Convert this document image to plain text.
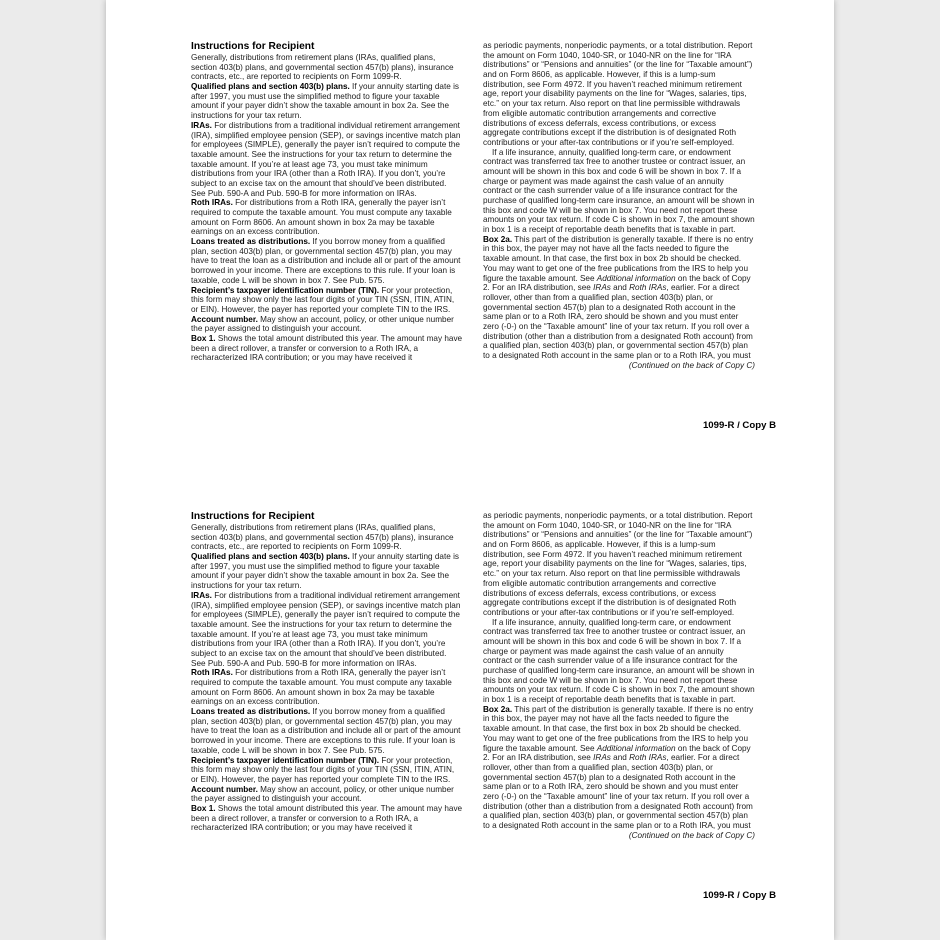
Instructions for Recipient

Generally, distributions from retirement plans (IRAs, qualified plans, section 403(b) plans, and governmental section 457(b) plans), insurance contracts, etc., are reported to recipients on Form 1099-R.

Qualified plans and section 403(b) plans. If your annuity starting date is after 1997, you must use the simplified method to figure your taxable amount if your payer didn’t show the taxable amount in box 2a. See the instructions for your tax return.

IRAs. For distributions from a traditional individual retirement arrangement (IRA), simplified employee pension (SEP), or savings incentive match plan for employees (SIMPLE), generally the payer isn’t required to compute the taxable amount. See the instructions for your tax return to determine the taxable amount. If you’re at least age 73, you must take minimum distributions from your IRA (other than a Roth IRA). If you don’t, you’re subject to an excise tax on the amount that should’ve been distributed. See Pub. 590-A and Pub. 590-B for more information on IRAs.

Roth IRAs. For distributions from a Roth IRA, generally the payer isn’t required to compute the taxable amount. You must compute any taxable amount on Form 8606. An amount shown in box 2a may be taxable earnings on an excess contribution.

Loans treated as distributions. If you borrow money from a qualified plan, section 403(b) plan, or governmental section 457(b) plan, you may have to treat the loan as a distribution and include all or part of the amount borrowed in your income. There are exceptions to this rule. If your loan is taxable, code L will be shown in box 7. See Pub. 575.

Recipient’s taxpayer identification number (TIN). For your protection, this form may show only the last four digits of your TIN (SSN, ITIN, ATIN, or EIN). However, the payer has reported your complete TIN to the IRS.

Account number. May show an account, policy, or other unique number the payer assigned to distinguish your account.

Box 1. Shows the total amount distributed this year. The amount may have been a direct rollover, a transfer or conversion to a Roth IRA, a recharacterized IRA contribution; or you may have received it

as periodic payments, nonperiodic payments, or a total distribution. Report the amount on Form 1040, 1040-SR, or 1040-NR on the line for “IRA distributions” or “Pensions and annuities” (or the line for “Taxable amount”) and on Form 8606, as applicable. However, if this is a lump-sum distribution, see Form 4972. If you haven’t reached minimum retirement age, report your disability payments on the line for “Wages, salaries, tips, etc.” on your tax return. Also report on that line permissible withdrawals from eligible automatic contribution arrangements and corrective distributions of excess deferrals, excess contributions, or excess aggregate contributions except if the distribution is of designated Roth contributions or your after-tax contributions or if you’re self-employed.

If a life insurance, annuity, qualified long-term care, or endowment contract was transferred tax free to another trustee or contract issuer, an amount will be shown in this box and code 6 will be shown in box 7. If a charge or payment was made against the cash value of an annuity contract or the cash surrender value of a life insurance contract for the purchase of qualified long-term care insurance, an amount will be shown in this box and code W will be shown in box 7. You need not report these amounts on your tax return. If code C is shown in box 7, the amount shown in box 1 is a receipt of reportable death benefits that is taxable in part.

Box 2a. This part of the distribution is generally taxable. If there is no entry in this box, the payer may not have all the facts needed to figure the taxable amount. In that case, the first box in box 2b should be checked. You may want to get one of the free publications from the IRS to help you figure the taxable amount. See Additional information on the back of Copy 2. For an IRA distribution, see IRAs and Roth IRAs, earlier. For a direct rollover, other than from a qualified plan, section 403(b) plan, or governmental section 457(b) plan to a designated Roth account in the same plan or to a Roth IRA, zero should be shown and you must enter zero (-0-) on the “Taxable amount” line of your tax return. If you roll over a distribution (other than a distribution from a designated Roth account) from a qualified plan, section 403(b) plan, or governmental section 457(b) plan to a designated Roth account in the same plan or to a Roth IRA, you must

(Continued on the back of Copy C)

1099-R / Copy B
Instructions for Recipient

Generally, distributions from retirement plans (IRAs, qualified plans, section 403(b) plans, and governmental section 457(b) plans), insurance contracts, etc., are reported to recipients on Form 1099-R.

Qualified plans and section 403(b) plans. If your annuity starting date is after 1997, you must use the simplified method to figure your taxable amount if your payer didn’t show the taxable amount in box 2a. See the instructions for your tax return.

IRAs. For distributions from a traditional individual retirement arrangement (IRA), simplified employee pension (SEP), or savings incentive match plan for employees (SIMPLE), generally the payer isn’t required to compute the taxable amount. See the instructions for your tax return to determine the taxable amount. If you’re at least age 73, you must take minimum distributions from your IRA (other than a Roth IRA). If you don’t, you’re subject to an excise tax on the amount that should’ve been distributed. See Pub. 590-A and Pub. 590-B for more information on IRAs.

Roth IRAs. For distributions from a Roth IRA, generally the payer isn’t required to compute the taxable amount. You must compute any taxable amount on Form 8606. An amount shown in box 2a may be taxable earnings on an excess contribution.

Loans treated as distributions. If you borrow money from a qualified plan, section 403(b) plan, or governmental section 457(b) plan, you may have to treat the loan as a distribution and include all or part of the amount borrowed in your income. There are exceptions to this rule. If your loan is taxable, code L will be shown in box 7. See Pub. 575.

Recipient’s taxpayer identification number (TIN). For your protection, this form may show only the last four digits of your TIN (SSN, ITIN, ATIN, or EIN). However, the payer has reported your complete TIN to the IRS.

Account number. May show an account, policy, or other unique number the payer assigned to distinguish your account.

Box 1. Shows the total amount distributed this year. The amount may have been a direct rollover, a transfer or conversion to a Roth IRA, a recharacterized IRA contribution; or you may have received it

as periodic payments, nonperiodic payments, or a total distribution. Report the amount on Form 1040, 1040-SR, or 1040-NR on the line for “IRA distributions” or “Pensions and annuities” (or the line for “Taxable amount”) and on Form 8606, as applicable. However, if this is a lump-sum distribution, see Form 4972. If you haven’t reached minimum retirement age, report your disability payments on the line for “Wages, salaries, tips, etc.” on your tax return. Also report on that line permissible withdrawals from eligible automatic contribution arrangements and corrective distributions of excess deferrals, excess contributions, or excess aggregate contributions except if the distribution is of designated Roth contributions or your after-tax contributions or if you’re self-employed.

If a life insurance, annuity, qualified long-term care, or endowment contract was transferred tax free to another trustee or contract issuer, an amount will be shown in this box and code 6 will be shown in box 7. If a charge or payment was made against the cash value of an annuity contract or the cash surrender value of a life insurance contract for the purchase of qualified long-term care insurance, an amount will be shown in this box and code W will be shown in box 7. You need not report these amounts on your tax return. If code C is shown in box 7, the amount shown in box 1 is a receipt of reportable death benefits that is taxable in part.

Box 2a. This part of the distribution is generally taxable. If there is no entry in this box, the payer may not have all the facts needed to figure the taxable amount. In that case, the first box in box 2b should be checked. You may want to get one of the free publications from the IRS to help you figure the taxable amount. See Additional information on the back of Copy 2. For an IRA distribution, see IRAs and Roth IRAs, earlier. For a direct rollover, other than from a qualified plan, section 403(b) plan, or governmental section 457(b) plan to a designated Roth account in the same plan or to a Roth IRA, zero should be shown and you must enter zero (-0-) on the “Taxable amount” line of your tax return. If you roll over a distribution (other than a distribution from a designated Roth account) from a qualified plan, section 403(b) plan, or governmental section 457(b) plan to a designated Roth account in the same plan or to a Roth IRA, you must

(Continued on the back of Copy C)

1099-R / Copy B
